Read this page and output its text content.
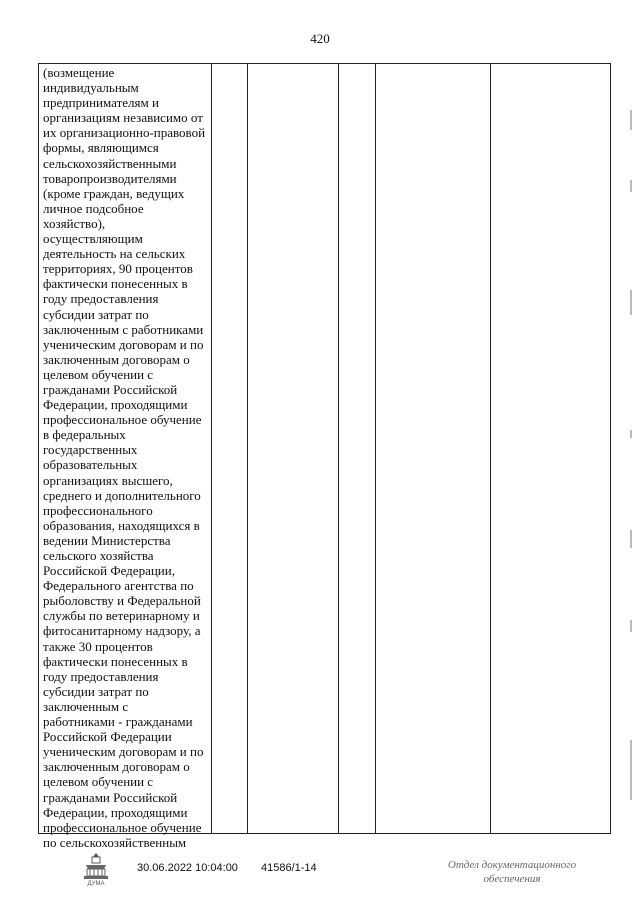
420
(возмещение
индивидуальным
предпринимателям и
организациям независимо от
их организационно-правовой
формы, являющимся
сельскохозяйственными
товаропроизводителями
(кроме граждан, ведущих
личное подсобное
хозяйство),
осуществляющим
деятельность на сельских
территориях, 90 процентов
фактически понесенных в
году предоставления
субсидии затрат по
заключенным с работниками
ученическим договорам и по
заключенным договорам о
целевом обучении с
гражданами Российской
Федерации, проходящими
профессиональное обучение
в федеральных
государственных
образовательных
организациях высшего,
среднего и дополнительного
профессионального
образования, находящихся в
ведении Министерства
сельского хозяйства
Российской Федерации,
Федерального агентства по
рыболовству и Федеральной
службы по ветеринарному и
фитосанитарному надзору, а
также 30 процентов
фактически понесенных в
году предоставления
субсидии затрат по
заключенным с
работниками - гражданами
Российской Федерации
ученическим договорам и по
заключенным договорам о
целевом обучении с
гражданами Российской
Федерации, проходящими
профессиональное обучение
по сельскохозяйственным
ДУМА
30.06.2022 10:04:00 41586/1-14	Отдел документационного
обеспечения
